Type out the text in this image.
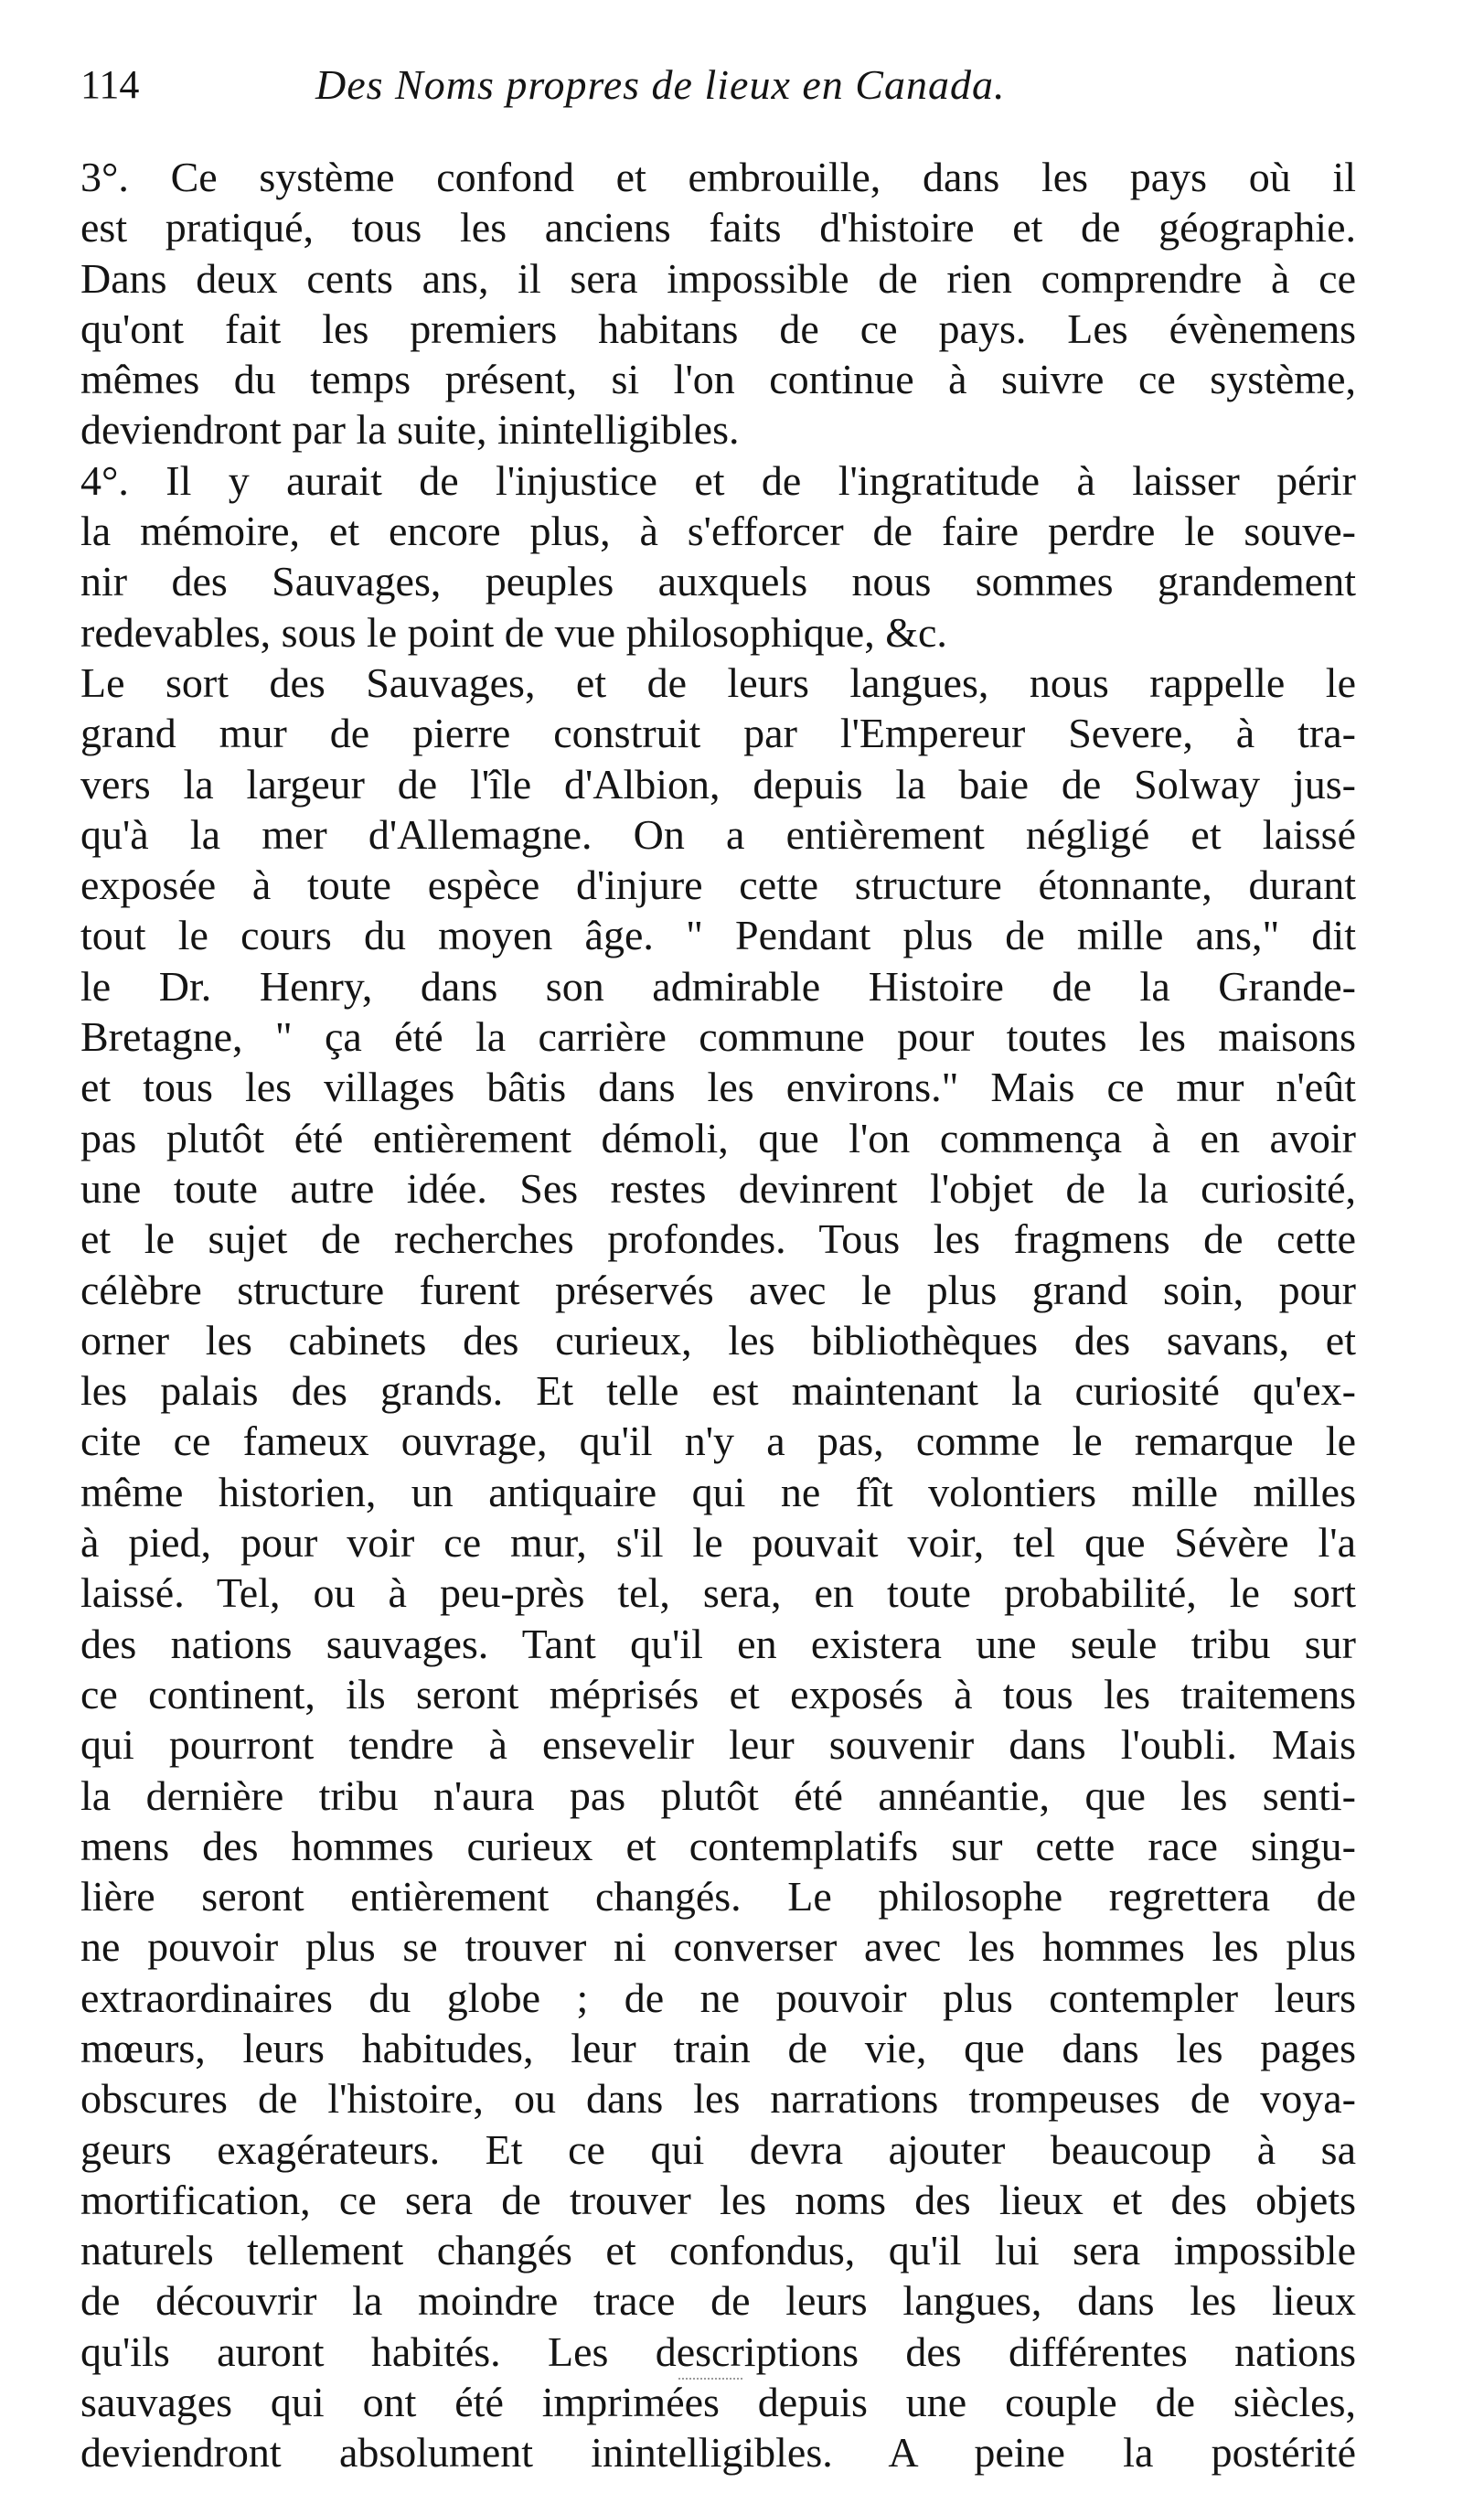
114	Des Noms propres de lieux en Canada.
3°. Ce système confond et embrouille, dans les pays où il
est pratiqué, tous les anciens faits d'histoire et de géographie.
Dans deux cents ans, il sera impossible de rien comprendre à ce
qu'ont fait les premiers habitans de ce pays. Les évènemens
mêmes du temps présent, si l'on continue à suivre ce système,
deviendront par la suite, inintelligibles.
4°. Il y aurait de l'injustice et de l'ingratitude à laisser périr
la mémoire, et encore plus, à s'efforcer de faire perdre le souve-
nir des Sauvages, peuples auxquels nous sommes grandement
redevables, sous le point de vue philosophique, &c.
Le sort des Sauvages, et de leurs langues, nous rappelle le
grand mur de pierre construit par l'Empereur Severe, à tra-
vers la largeur de l'île d'Albion, depuis la baie de Solway jus-
qu'à la mer d'Allemagne. On a entièrement négligé et laissé
exposée à toute espèce d'injure cette structure étonnante, durant
tout le cours du moyen âge. " Pendant plus de mille ans," dit
le Dr. Henry, dans son admirable Histoire de la Grande-
Bretagne, " ça été la carrière commune pour toutes les maisons
et tous les villages bâtis dans les environs." Mais ce mur n'eût
pas plutôt été entièrement démoli, que l'on commença à en avoir
une toute autre idée. Ses restes devinrent l'objet de la curiosité,
et le sujet de recherches profondes. Tous les fragmens de cette
célèbre structure furent préservés avec le plus grand soin, pour
orner les cabinets des curieux, les bibliothèques des savans, et
les palais des grands. Et telle est maintenant la curiosité qu'ex-
cite ce fameux ouvrage, qu'il n'y a pas, comme le remarque le
même historien, un antiquaire qui ne fît volontiers mille milles
à pied, pour voir ce mur, s'il le pouvait voir, tel que Sévère l'a
laissé. Tel, ou à peu-près tel, sera, en toute probabilité, le sort
des nations sauvages. Tant qu'il en existera une seule tribu sur
ce continent, ils seront méprisés et exposés à tous les traitemens
qui pourront tendre à ensevelir leur souvenir dans l'oubli. Mais
la dernière tribu n'aura pas plutôt été annéantie, que les senti-
mens des hommes curieux et contemplatifs sur cette race singu-
lière seront entièrement changés. Le philosophe regrettera de
ne pouvoir plus se trouver ni converser avec les hommes les plus
extraordinaires du globe ; de ne pouvoir plus contempler leurs
mœurs, leurs habitudes, leur train de vie, que dans les pages
obscures de l'histoire, ou dans les narrations trompeuses de voya-
geurs exagérateurs. Et ce qui devra ajouter beaucoup à sa
mortification, ce sera de trouver les noms des lieux et des objets
naturels tellement changés et confondus, qu'il lui sera impossible
de découvrir la moindre trace de leurs langues, dans les lieux
qu'ils auront habités. Les descriptions des différentes nations
sauvages qui ont été imprimées depuis une couple de siècles,
deviendront absolument inintelligibles. A peine la postérité
